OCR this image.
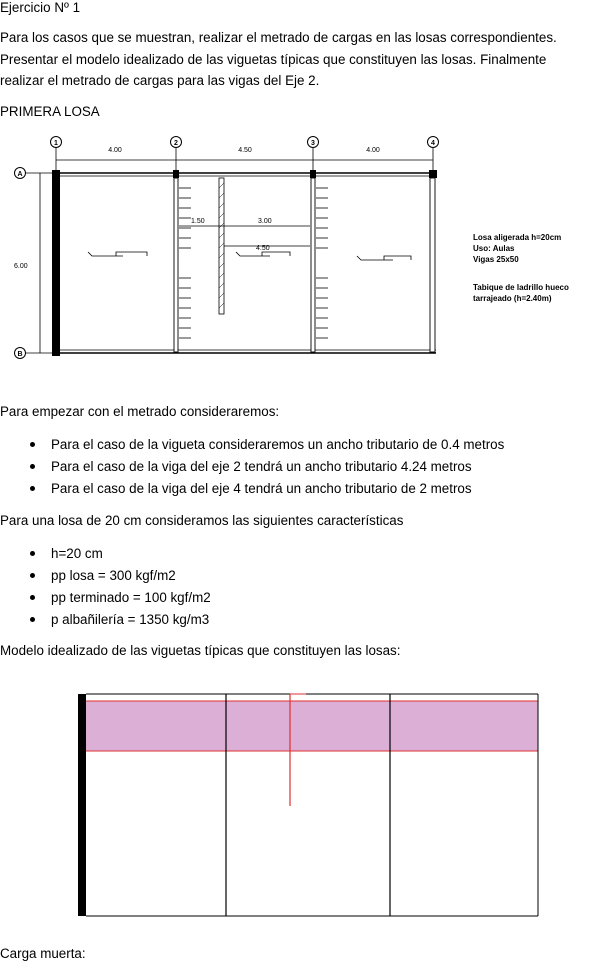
Ejercicio Nº 1
Para los casos que se muestran, realizar el metrado de cargas en las losas correspondientes.
Presentar el modelo idealizado de las viguetas típicas que constituyen las losas. Finalmente
realizar el metrado de cargas para las vigas del Eje 2.
PRIMERA LOSA
4.00	4.50	4.00
1	2	3	4
A
B
6.00
1.50	3.00
4.50
Losa aligerada h=20cm
Uso: Aulas
Vigas 25x50
Tabique de ladrillo hueco
tarrajeado (h=2.40m)
Para empezar con el metrado consideraremos:
Para el caso de la vigueta consideraremos un ancho tributario de 0.4 metros
Para el caso de la viga del eje 2 tendrá un ancho tributario 4.24 metros
Para el caso de la viga del eje 4 tendrá un ancho tributario de 2 metros
Para una losa de 20 cm consideramos las siguientes características
h=20 cm
pp losa = 300 kgf/m2
pp terminado = 100 kgf/m2
p albañilería = 1350 kg/m3
Modelo idealizado de las viguetas típicas que constituyen las losas:
Carga muerta:
